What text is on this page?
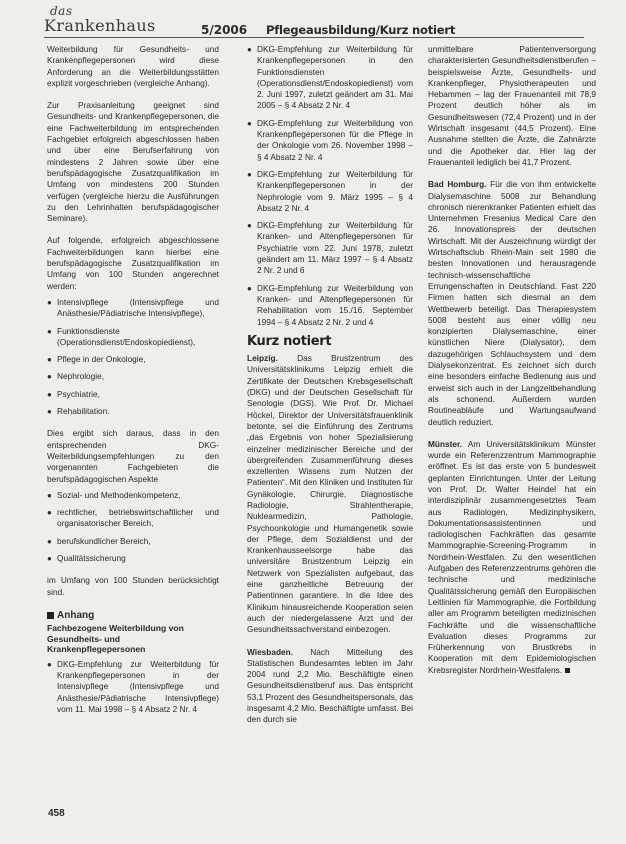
das
Krankenhaus	5/2006 Pflegeausbildung/Kurz notiert

Weiterbildung für Gesundheits- und Krankenpflegepersonen wird diese Anforderung an die Weiterbildungsstätten explizit vorgeschrieben (vergleiche Anhang).

Zur Praxisanleitung geeignet sind Gesundheits- und Krankenpflegepersonen, die eine Fachweiterbildung im entsprechenden Fachgebiet erfolgreich abgeschlossen haben und über eine Berufserfahrung von mindestens 2 Jahren sowie über eine berufspädagogische Zusatzqualifikation im Umfang von mindestens 200 Stunden verfügen (vergleiche hierzu die Ausführungen zu den Lehrinhalten berufspädagogischer Seminare).

Auf folgende, erfolgreich abgeschlossene Fachweiterbildungen kann hierbei eine berufspädagogische Zusatzqualifikation im Umfang von 100 Stunden angerechnet werden:

● Intensivpflege (Intensivpflege und Anästhesie/Pädiatrische Intensivpflege),
● Funktionsdienste (Operationsdienst/Endoskopiedienst),
● Pflege in der Onkologie,
● Nephrologie,
● Psychiatrie,
● Rehabilitation.

Dies ergibt sich daraus, dass in den entsprechenden DKG-Weiterbildungsempfehlungen zu den vorgenannten Fachgebieten die berufspädagogischen Aspekte

● Sozial- und Methodenkompetenz,
● rechtlicher, betriebswirtschaftlicher und organisatorischer Bereich,
● berufskundlicher Bereich,
● Qualitätssicherung

im Umfang von 100 Stunden berücksichtigt sind.

Anhang
Fachbezogene Weiterbildung von Gesundheits- und Krankenpflegepersonen
● DKG-Empfehlung zur Weiterbildung für Krankenpflegepersonen in der Intensivpflege (Intensivpflege und Anästhesie/Pädiatrische Intensivpflege) vom 11. Mai 1998 – § 4 Absatz 2 Nr. 4
● DKG-Empfehlung zur Weiterbildung für Krankenpflegepersonen in den Funktionsdiensten (Operationsdienst/Endoskopiedienst) vom 2. Juni 1997, zuletzt geändert am 31. Mai 2005 – § 4 Absatz 2 Nr. 4
● DKG-Empfehlung zur Weiterbildung von Krankenpflegepersonen für die Pflege in der Onkologie vom 26. November 1998 – § 4 Absatz 2 Nr. 4
● DKG-Empfehlung zur Weiterbildung für Krankenpflegepersonen in der Nephrologie vom 9. März 1995 – § 4 Absatz 2 Nr. 4
● DKG-Empfehlung zur Weiterbildung für Kranken- und Altenpflegepersonen für Psychiatrie vom 22. Juni 1978, zuletzt geändert am 11. März 1997 – § 4 Absatz 2 Nr. 2 und 6
● DKG-Empfehlung zur Weiterbildung von Kranken- und Altenpflegepersonen für Rehabilitation vom 15./16. September 1994 – § 4 Absatz 2 Nr. 2 und 4
Kurz notiert

Leipzig. Das Brustzentrum des Universitätsklinikums Leipzig erhielt die Zertifikate der Deutschen Krebsgesellschaft (DKG) und der Deutschen Gesellschaft für Senologie (DGS). Wie Prof. Dr. Michael Höckel, Direktor der Universitätsfrauenklinik betonte, sei die Einführung des Zentrums „das Ergebnis von hoher Spezialisierung einzelner medizinischer Bereiche und der übergreifenden Zusammenführung dieses exzellenten Wissens zum Nutzen der Patienten“. Mit den Kliniken und Instituten für Gynäkologie, Chirurgie, Diagnostische Radiologie, Strahlentherapie, Nuklearmedizin, Pathologie, Psychoonkologie und Humangenetik sowie der Pflege, dem Sozialdienst und der Krankenhausseelsorge habe das universitäre Brustzentrum Leipzig ein Netzwerk von Spezialisten aufgebaut, das eine ganzheitliche Betreuung der Patientinnen garantiere. In die Idee des Klinikum hinausreichende Kooperation seien auch der niedergelassene Arzt und der Gesundheitssachverstand einbezogen.

Wiesbaden. Nach Mitteilung des Statistischen Bundesamtes lebten im Jahr 2004 rund 2,2 Mio. Beschäftigte einen Gesundheitsdienstberuf aus. Das entspricht 53,1 Prozent des Gesundheitspersonals, das insgesamt 4,2 Mio. Beschäftigte umfasst. Bei den durch sie

unmittelbare Patientenversorgung charakterisierten Gesundheitsdienstberufen – beispielsweise Ärzte, Gesundheits- und Krankenpfleger, Physiotherapeuten und Hebammen – lag der Frauenanteil mit 78,9 Prozent deutlich höher als im Gesundheitswesen (72,4 Prozent) und in der Wirtschaft insgesamt (44,5 Prozent). Eine Ausnahme stellten die Ärzte, die Zahnärzte und die Apotheker dar. Hier lag der Frauenanteil lediglich bei 41,7 Prozent.

Bad Homburg. Für die von ihm entwickelte Dialysemaschine 5008 zur Behandlung chronisch nierenkranker Patienten erhielt das Unternehmen Fresenius Medical Care den 26. Innovationspreis der deutschen Wirtschaft. Mit der Auszeichnung würdigt der Wirtschaftsclub Rhein-Main seit 1980 die besten Innovationen und herausragende technisch-wissenschaftliche Errungenschaften in Deutschland. Fast 220 Firmen hatten sich diesmal an dem Wettbewerb beteiligt. Das Therapiesystem 5008 besteht aus einer völlig neu konzipierten Dialysemaschine, einer künstlichen Niere (Dialysator), dem dazugehörigen Schlauchsystem und dem Dialysekonzentrat. Es zeichnet sich durch eine besonders einfache Bedienung aus und erweist sich auch in der Langzeitbehandlung als schonend. Außerdem wurden Routineabläufe und Wartungsaufwand deutlich reduziert.

Münster. Am Universitätsklinikum Münster wurde ein Referenzzentrum Mammographie eröffnet. Es ist das erste von 5 bundesweit geplanten Einrichtungen. Unter der Leitung von Prof. Dr. Walter Heindel hat ein interdisziplinär zusammengesetztes Team aus Radiologen, Medizinphysikern, Dokumentationsassistentinnen und radiologischen Fachkräften das gesamte Mammographie-Screening-Programm in Nordrhein-Westfalen. Zu den wesentlichen Aufgaben des Referenzzentrums gehören die technische und medizinische Qualitätssicherung gemäß den Europäischen Leitlinien für Mammographie, die Fortbildung aller am Programm beteiligten medizinischen Fachkräfte und die wissenschaftliche Evaluation dieses Programms zur Früherkennung von Brustkrebs in Kooperation mit dem Epidemiologischen Krebsregister Nordrhein-Westfalens.

458
